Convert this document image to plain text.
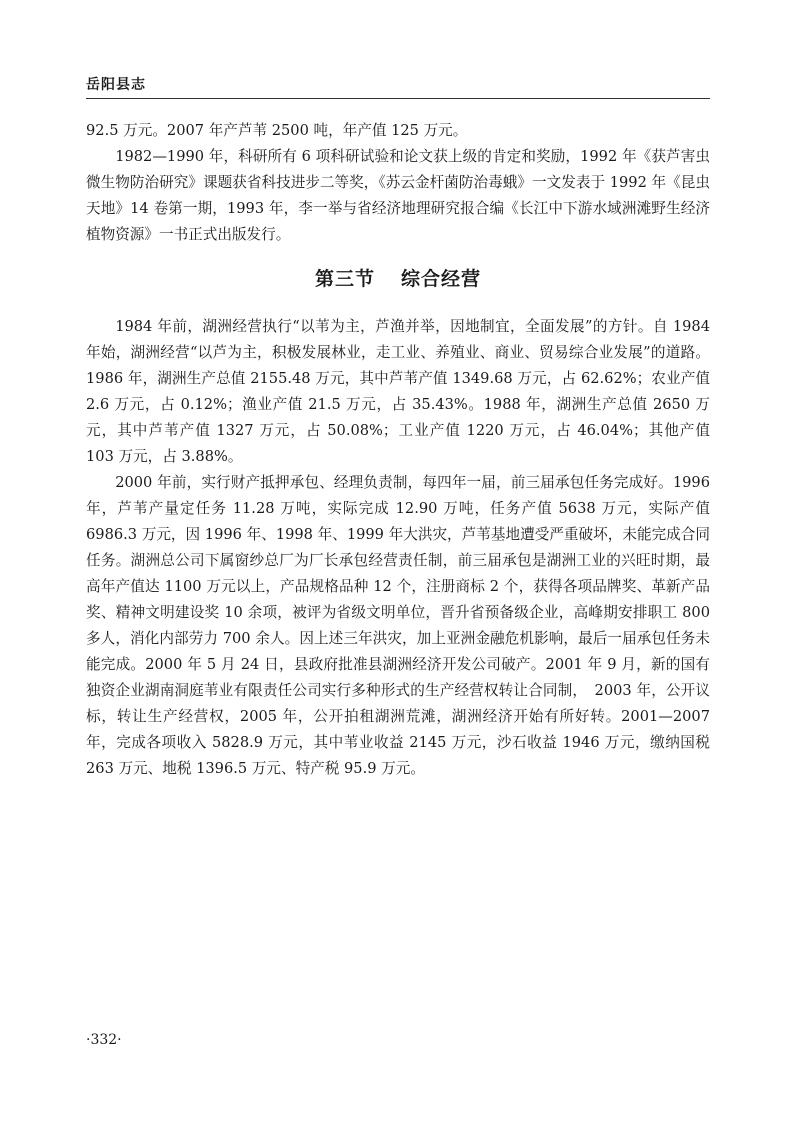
岳阳县志

92.5 万元。2007 年产芦苇 2500 吨，年产值 125 万元。

1982—1990 年，科研所有 6 项科研试验和论文获上级的肯定和奖励，1992 年《获芦害虫微生物防治研究》课题获省科技进步二等奖，《苏云金杆菌防治毒蛾》一文发表于 1992 年《昆虫天地》14 卷第一期，1993 年，李一举与省经济地理研究报合编《长江中下游水域洲滩野生经济植物资源》一书正式出版发行。

第三节 综合经营

1984 年前，湖洲经营执行“以苇为主，芦渔并举，因地制宜，全面发展”的方针。自 1984 年始，湖洲经营“以芦为主，积极发展林业，走工业、养殖业、商业、贸易综合业发展”的道路。1986 年，湖洲生产总值 2155.48 万元，其中芦苇产值 1349.68 万元，占 62.62%；农业产值 2.6 万元，占 0.12%；渔业产值 21.5 万元，占 35.43%。1988 年，湖洲生产总值 2650 万元，其中芦苇产值 1327 万元，占 50.08%；工业产值 1220 万元，占 46.04%；其他产值 103 万元，占 3.88%。

2000 年前，实行财产抵押承包、经理负责制，每四年一届，前三届承包任务完成好。1996 年，芦苇产量定任务 11.28 万吨，实际完成 12.90 万吨，任务产值 5638 万元，实际产值 6986.3 万元，因 1996 年、1998 年、1999 年大洪灾，芦苇基地遭受严重破坏，未能完成合同任务。湖洲总公司下属窗纱总厂为厂长承包经营责任制，前三届承包是湖洲工业的兴旺时期，最高年产值达 1100 万元以上，产品规格品种 12 个，注册商标 2 个，获得各项品牌奖、革新产品奖、精神文明建设奖 10 余项，被评为省级文明单位，晋升省预备级企业，高峰期安排职工 800 多人，消化内部劳力 700 余人。因上述三年洪灾，加上亚洲金融危机影响，最后一届承包任务未能完成。2000 年 5 月 24 日，县政府批准县湖洲经济开发公司破产。2001 年 9 月，新的国有独资企业湖南洞庭苇业有限责任公司实行多种形式的生产经营权转让合同制，　2003 年，公开议标，转让生产经营权，2005 年，公开拍租湖洲荒滩，湖洲经济开始有所好转。2001—2007 年，完成各项收入 5828.9 万元，其中苇业收益 2145 万元，沙石收益 1946 万元，缴纳国税 263 万元、地税 1396.5 万元、特产税 95.9 万元。

·332·
